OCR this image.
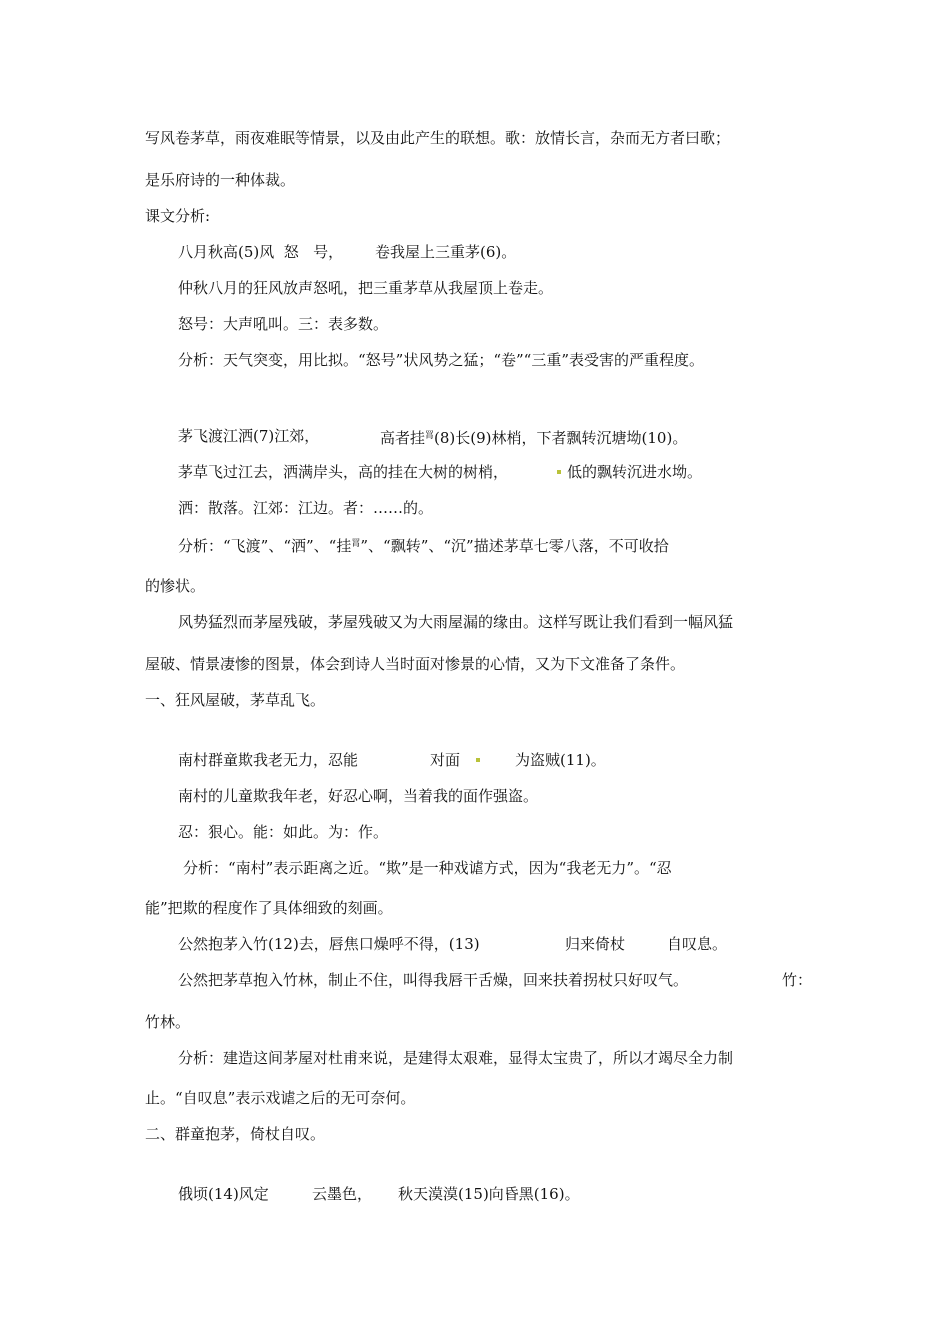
写风卷茅草，雨夜难眠等情景，以及由此产生的联想。歌：放情长言，杂而无方者曰歌；
是乐府诗的一种体裁。
课文分析:
八月秋高(5)风  怒   号， 卷我屋上三重茅(6)。
仲秋八月的狂风放声怒吼，把三重茅草从我屋顶上卷走。
怒号：大声吼叫。三：表多数。
分析：天气突变，用比拟。“怒号”状风势之猛；“卷”“三重”表受害的严重程度。
茅飞渡江洒(7)江郊，	高者挂$^罥$(8)长(9)林梢，下者飘转沉塘坳(10)。
茅草飞过江去，洒满岸头，高的挂在大树的树梢，	低的飘转沉进水坳。
洒：散落。江郊：江边。者：……的。
分析：“飞渡”、“洒”、“挂$^罥$”、“飘转”、“沉”描述茅草七零八落，不可收拾
的惨状。
风势猛烈而茅屋残破，茅屋残破又为大雨屋漏的缘由。这样写既让我们看到一幅风猛
屋破、情景凄惨的图景，体会到诗人当时面对惨景的心情，又为下文准备了条件。
一、狂风屋破，茅草乱飞。
南村群童欺我老无力，忍能	对面	为盗贼(11)。
南村的儿童欺我年老，好忍心啊，当着我的面作强盗。
忍：狠心。能：如此。为：作。
分析：“南村”表示距离之近。“欺”是一种戏谑方式，因为“我老无力”。“忍
能”把欺的程度作了具体细致的刻画。
公然抱茅入竹(12)去，唇焦口燥呼不得，(13)	归来倚杖	自叹息。
公然把茅草抱入竹林，制止不住，叫得我唇干舌燥，回来扶着拐杖只好叹气。	竹：
竹林。
分析：建造这间茅屋对杜甫来说，是建得太艰难，显得太宝贵了，所以才竭尽全力制
止。“自叹息”表示戏谑之后的无可奈何。
二、群童抱茅，倚杖自叹。
俄顷(14)风定	云墨色， 秋天漠漠(15)向昏黑(16)。
